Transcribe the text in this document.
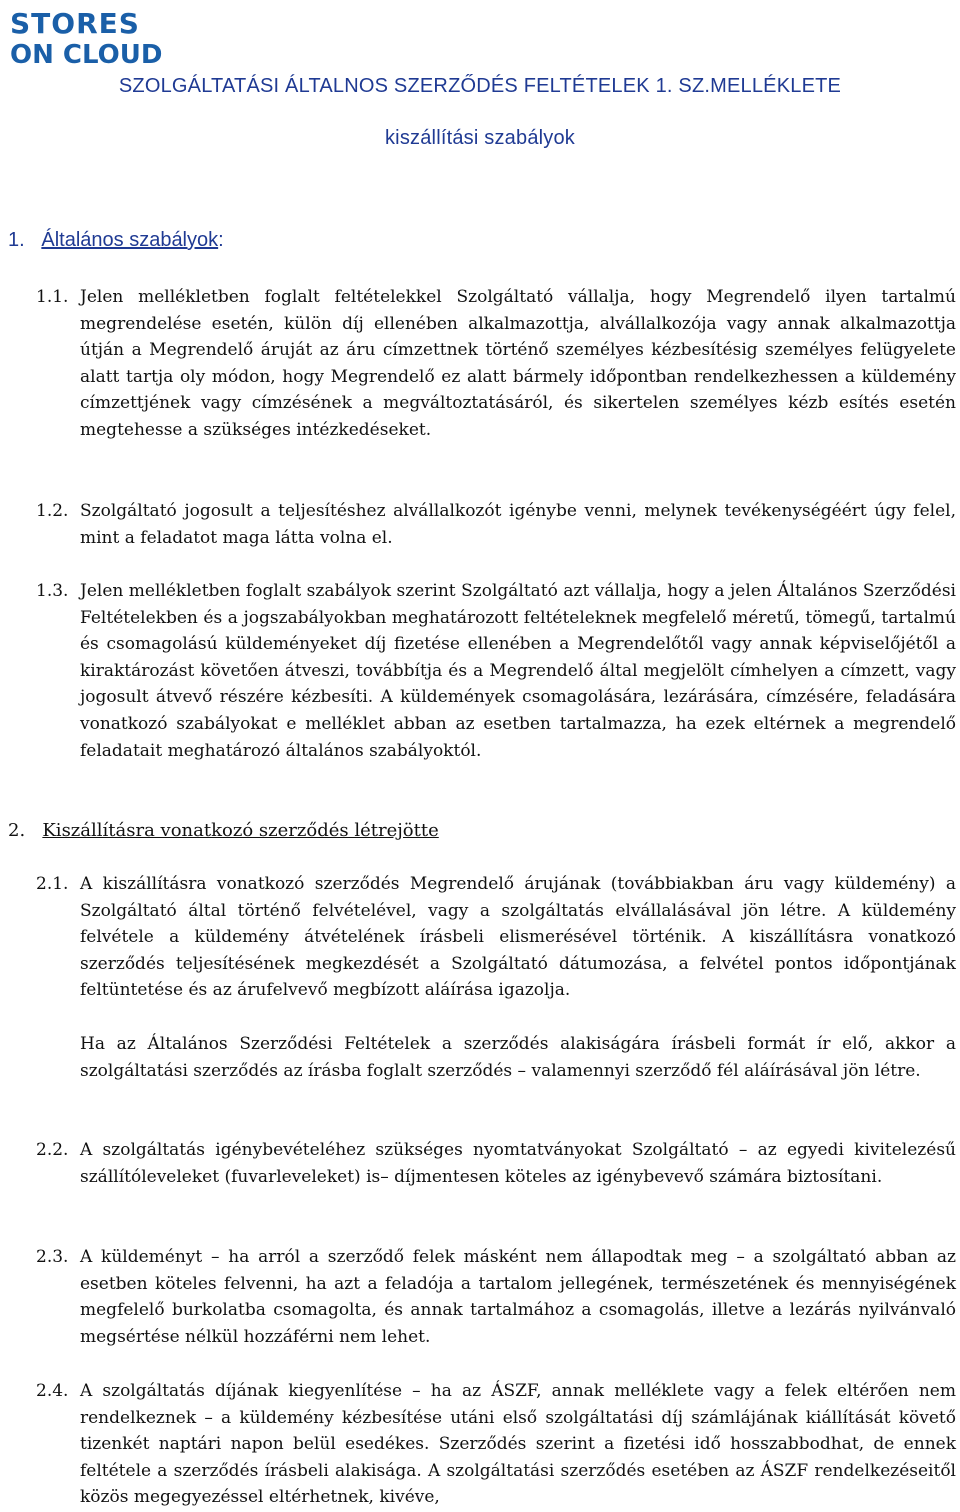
STORES
ON CLOUD
SZOLGÁLTATÁSI ÁLTALNOS SZERZŐDÉS FELTÉTELEK 1. SZ.MELLÉKLETE
kiszállítási szabályok
1. Általános szabályok:
1.1. Jelen mellékletben foglalt feltételekkel Szolgáltató vállalja, hogy Megrendelő ilyen tartalmú megrendelése esetén, külön díj ellenében alkalmazottja, alvállalkozója vagy annak alkalmazottja útján a Megrendelő áruját az áru címzettnek történő személyes kézbesítésig személyes felügyelete alatt tartja oly módon, hogy Megrendelő ez alatt bármely időpontban rendelkezhessen a küldemény címzettjének vagy címzésének a megváltoztatásáról, és sikertelen személyes kézb esítés esetén megtehesse a szükséges intézkedéseket.
1.2. Szolgáltató jogosult a teljesítéshez alvállalkozót igénybe venni, melynek tevékenységéért úgy felel, mint a feladatot maga látta volna el.
1.3. Jelen mellékletben foglalt szabályok szerint Szolgáltató azt vállalja, hogy a jelen Általános Szerződési Feltételekben és a jogszabályokban meghatározott feltételeknek megfelelő méretű, tömegű, tartalmú és csomagolású küldeményeket díj fizetése ellenében a Megrendelőtől vagy annak képviselőjétől a kiraktározást követően átveszi, továbbítja és a Megrendelő által megjelölt címhelyen a címzett, vagy jogosult átvevő részére kézbesíti. A küldemények csomagolására, lezárására, címzésére, feladására vonatkozó szabályokat e melléklet abban az esetben tartalmazza, ha ezek eltérnek a megrendelő feladatait meghatározó általános szabályoktól.
2. Kiszállításra vonatkozó szerződés létrejötte
2.1. A kiszállításra vonatkozó szerződés Megrendelő árujának (továbbiakban áru vagy küldemény) a Szolgáltató által történő felvételével, vagy a szolgáltatás elvállalásával jön létre. A küldemény felvétele a küldemény átvételének írásbeli elismerésével történik. A kiszállításra vonatkozó szerződés teljesítésének megkezdését a Szolgáltató dátumozása, a felvétel pontos időpontjának feltüntetése és az árufelvevő megbízott aláírása igazolja.
Ha az Általános Szerződési Feltételek a szerződés alakiságára írásbeli formát ír elő, akkor a szolgáltatási szerződés az írásba foglalt szerződés – valamennyi szerződő fél aláírásával jön létre.
2.2. A szolgáltatás igénybevételéhez szükséges nyomtatványokat Szolgáltató – az egyedi kivitelezésű szállítóleveleket (fuvarleveleket) is– díjmentesen köteles az igénybevevő számára biztosítani.
2.3. A küldeményt – ha arról a szerződő felek másként nem állapodtak meg – a szolgáltató abban az esetben köteles felvenni, ha azt a feladója a tartalom jellegének, természetének és mennyiségének megfelelő burkolatba csomagolta, és annak tartalmához a csomagolás, illetve a lezárás nyilvánvaló megsértése nélkül hozzáférni nem lehet.
2.4. A szolgáltatás díjának kiegyenlítése – ha az ÁSZF, annak melléklete vagy a felek eltérően nem rendelkeznek – a küldemény kézbesítése utáni első szolgáltatási díj számlájának kiállítását követő tizenkét naptári napon belül esedékes. Szerződés szerint a fizetési idő hosszabbodhat, de ennek feltétele a szerződés írásbeli alakisága. A szolgáltatási szerződés esetében az ÁSZF rendelkezéseitől közös megegyezéssel eltérhetnek, kivéve,
